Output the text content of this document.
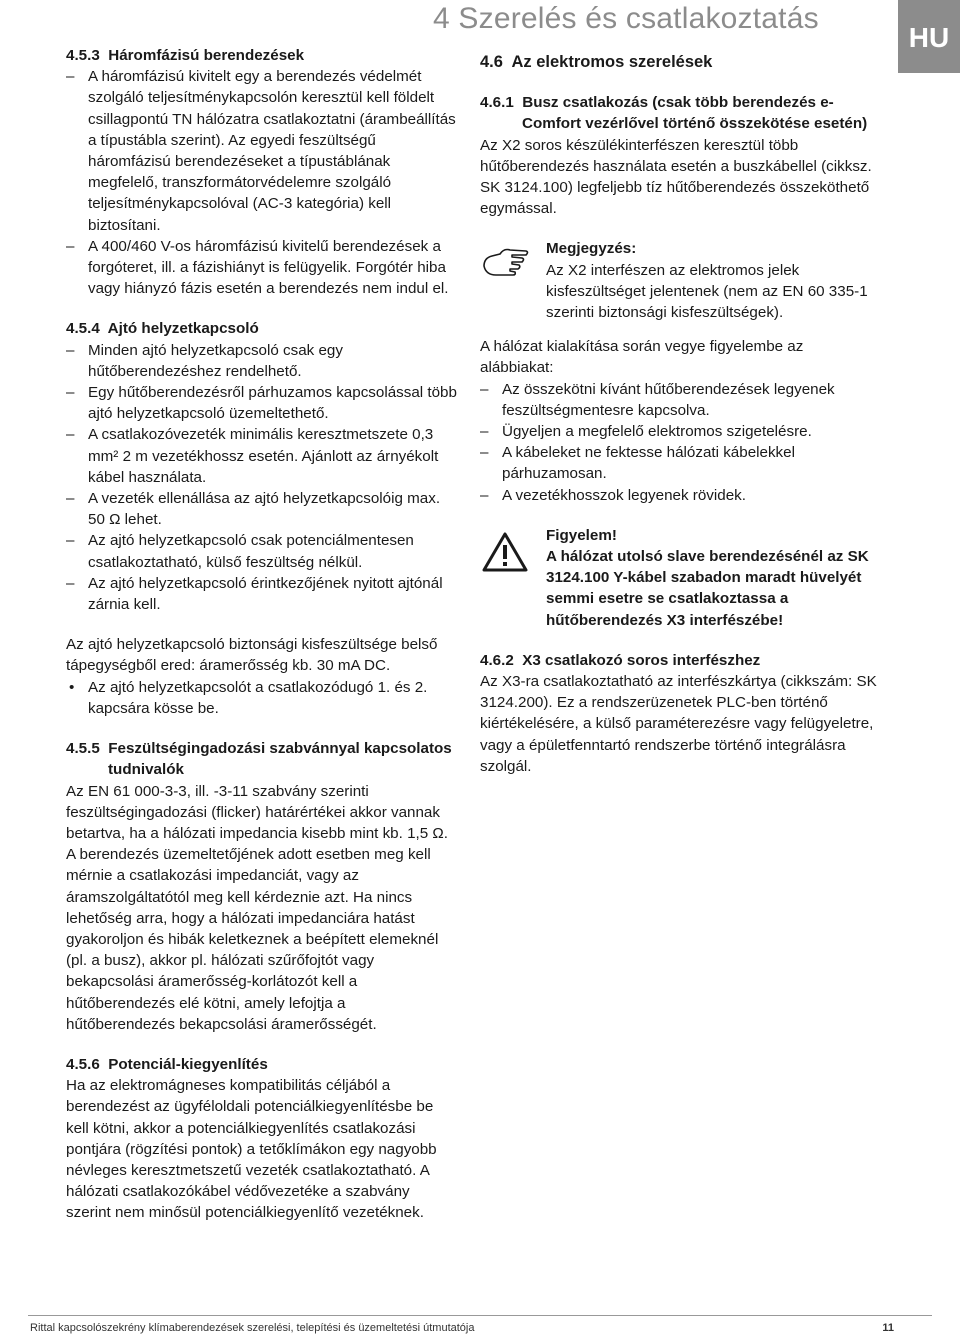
4 Szerelés és csatlakoztatás
HU

4.5.3 Háromfázisú berendezések

– A háromfázisú kivitelt egy a berendezés védelmét szolgáló teljesítménykapcsolón keresztül kell földelt csillagpontú TN hálózatra csatlakoztatni (árambeállítás a típustábla szerint). Az egyedi feszültségű háromfázisú berendezéseket a típustáblának megfelelő, transzformátorvédelemre szolgáló teljesítménykapcsolóval (AC-3 kategória) kell biztosítani.
– A 400/460 V-os háromfázisú kivitelű berendezések a forgóteret, ill. a fázishiányt is felügyelik. Forgótér hiba vagy hiányzó fázis esetén a berendezés nem indul el.

4.5.4 Ajtó helyzetkapcsoló

– Minden ajtó helyzetkapcsoló csak egy hűtőberendezéshez rendelhető.
– Egy hűtőberendezésről párhuzamos kapcsolással több ajtó helyzetkapcsoló üzemeltethető.
– A csatlakozóvezeték minimális keresztmetszete 0,3 mm² 2 m vezetékhossz esetén. Ajánlott az árnyékolt kábel használata.
– A vezeték ellenállása az ajtó helyzetkapcsolóig max. 50 Ω lehet.
– Az ajtó helyzetkapcsoló csak potenciálmentesen csatlakoztatható, külső feszültség nélkül.
– Az ajtó helyzetkapcsoló érintkezőjének nyitott ajtónál zárnia kell.

Az ajtó helyzetkapcsoló biztonsági kisfeszültsége belső tápegységből ered: áramerősség kb. 30 mA DC.

• Az ajtó helyzetkapcsolót a csatlakozódugó 1. és 2. kapcsára kösse be.

4.5.5 Feszültségingadozási szabvánnyal kapcsolatos tudnivalók

Az EN 61 000-3-3, ill. -3-11 szabvány szerinti feszültségingadozási (flicker) határértékei akkor vannak betartva, ha a hálózati impedancia kisebb mint kb. 1,5 Ω. A berendezés üzemeltetőjének adott esetben meg kell mérnie a csatlakozási impedanciát, vagy az áramszolgáltatótól meg kell kérdeznie azt. Ha nincs lehetőség arra, hogy a hálózati impedanciára hatást gyakoroljon és hibák keletkeznek a beépített elemeknél (pl. a busz), akkor pl. hálózati szűrőfojtót vagy bekapcsolási áramerősség-korlátozót kell a hűtőberendezés elé kötni, amely lefojtja a hűtőberendezés bekapcsolási áramerősségét.

4.5.6 Potenciál-kiegyenlítés

Ha az elektromágneses kompatibilitás céljából a berendezést az ügyféloldali potenciálkiegyenlítésbe be kell kötni, akkor a potenciálkiegyenlítés csatlakozási pontjára (rögzítési pontok) a tetőklímákon egy nagyobb névleges keresztmetszetű vezeték csatlakoztatható. A hálózati csatlakozókábel védővezetéke a szabvány szerint nem minősül potenciálkiegyenlítő vezetéknek.

4.6 Az elektromos szerelések

4.6.1 Busz csatlakozás (csak több berendezés e-Comfort vezérlővel történő összekötése esetén)

Az X2 soros készülékinterfészen keresztül több hűtőberendezés használata esetén a buszkábellel (cikksz. SK 3124.100) legfeljebb tíz hűtőberendezés összeköthető egymással.

Megjegyzés:

Az X2 interfészen az elektromos jelek kisfeszültséget jelentenek (nem az EN 60 335-1 szerinti biztonsági kisfeszültségek).

A hálózat kialakítása során vegye figyelembe az alábbiakat:

– Az összekötni kívánt hűtőberendezések legyenek feszültségmentesre kapcsolva.
– Ügyeljen a megfelelő elektromos szigetelésre.
– A kábeleket ne fektesse hálózati kábelekkel párhuzamosan.
– A vezetékhosszok legyenek rövidek.

Figyelem!

A hálózat utolsó slave berendezésénél az SK 3124.100 Y-kábel szabadon maradt hüvelyét semmi esetre se csatlakoztassa a hűtőberendezés X3 interfészébe!

4.6.2 X3 csatlakozó soros interfészhez

Az X3-ra csatlakoztatható az interfészkártya (cikkszám: SK 3124.200). Ez a rendszerüzenetek PLC-ben történő kiértékelésére, a külső paraméterezésre vagy felügyeletre, vagy a épületfenntartó rendszerbe történő integrálásra szolgál.

Rittal kapcsolószekrény klímaberendezések szerelési, telepítési és üzemeltetési útmutatója	11
